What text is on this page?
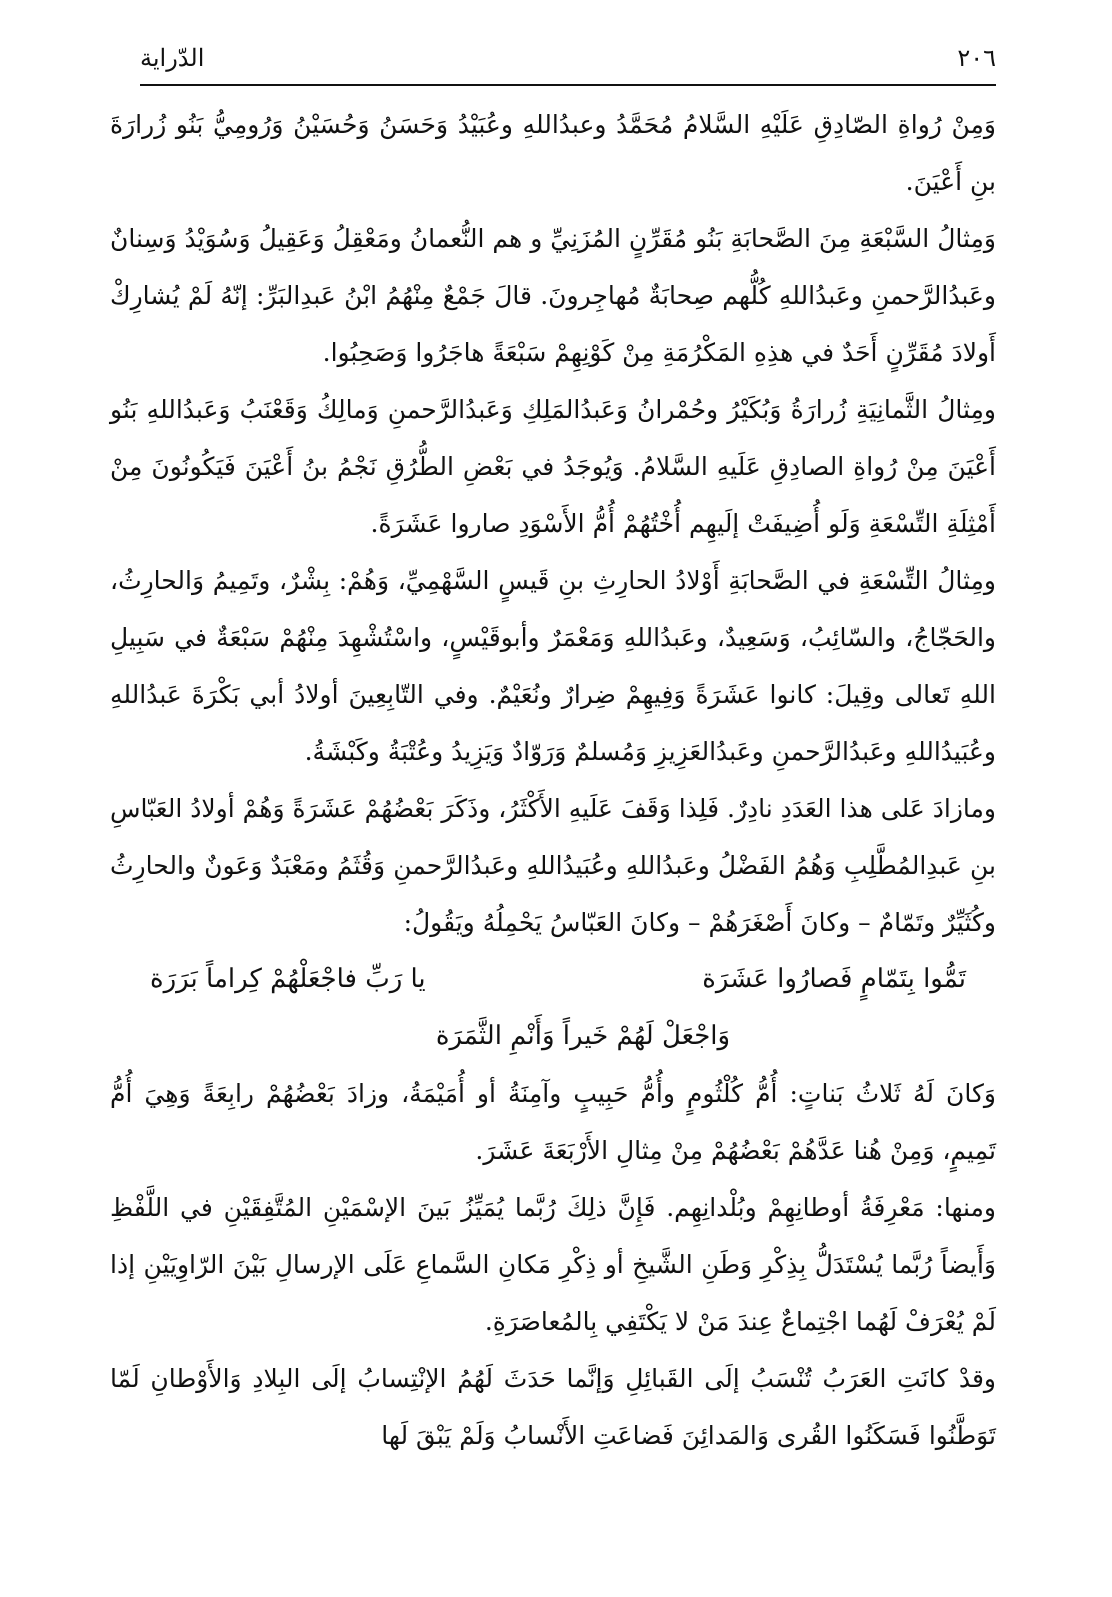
٢٠٦
الدّراية

وَمِنْ رُواةِ الصّادِقِ عَلَيْهِ السَّلامُ مُحَمَّدُ وعبدُاللهِ وعُبَيْدُ وَحَسَنُ وَحُسَيْنُ وَرُومِيُّ بَنُو زُرارَةَ بنِ أَعْيَنَ.

وَمِثالُ السَّبْعَةِ مِنَ الصَّحابَةِ بَنُو مُقَرِّنٍ المُزَنِيِّ و هم النُّعمانُ ومَعْقِلُ وَعَقِيلُ وَسُوَيْدُ وَسِنانٌ وعَبدُالرَّحمنِ وعَبدُاللهِ كُلُّهم صِحابَةٌ مُهاجِرونَ. قالَ جَمْعٌ مِنْهُمُ ابْنُ عَبدِالبَرِّ: إنّهُ لَمْ يُشارِكْ أَولادَ مُقَرِّنٍ أَحَدٌ في هذِهِ المَكْرُمَةِ مِنْ كَوْنِهِمْ سَبْعَةً هاجَرُوا وَصَحِبُوا.

ومِثالُ الثَّمانِيَةِ زُرارَةُ وَبُكَيْرُ وحُمْرانُ وَعَبدُالمَلِكِ وَعَبدُالرَّحمنِ وَمالِكُ وَقَعْنَبُ وَعَبدُاللهِ بَنُو أَعْيَنَ مِنْ رُواةِ الصادِقِ عَلَيهِ السَّلامُ. وَيُوجَدُ في بَعْضِ الطُّرُقِ نَجْمُ بنُ أَعْيَنَ فَيَكُونُونَ مِنْ أَمْثِلَةِ التِّسْعَةِ وَلَو أُضِيفَتْ إلَيهِم أُخْتُهُمْ أُمُّ الأَسْوَدِ صاروا عَشَرَةً.

ومِثالُ التِّسْعَةِ في الصَّحابَةِ أَوْلادُ الحارِثِ بنِ قَيسٍ السَّهْمِيِّ، وَهُمْ: بِشْرٌ، وتَمِيمُ وَالحارِثُ، والحَجّاجُ، والسّائِبُ، وَسَعِيدٌ، وعَبدُاللهِ وَمَعْمَرٌ وأبوقَيْسٍ، واسْتُشْهِدَ مِنْهُمْ سَبْعَةٌ في سَبِيلِ اللهِ تَعالى وقِيلَ: كانوا عَشَرَةً وَفِيهِمْ ضِرارٌ ونُعَيْمٌ. وفي التّابِعِينَ أولادُ أبي بَكْرَةَ عَبدُاللهِ وعُبَيدُاللهِ وعَبدُالرَّحمنِ وعَبدُالعَزِيزِ وَمُسلمٌ وَرَوّادٌ وَيَزِيدُ وعُتْبَةُ وكَبْشَةُ.

ومازادَ عَلى هذا العَدَدِ نادِرٌ. فَلِذا وَقَفَ عَلَيهِ الأَكْثَرُ، وذَكَرَ بَعْضُهُمْ عَشَرَةً وَهُمْ أولادُ العَبّاسِ بنِ عَبدِالمُطَّلِبِ وَهُمُ الفَضْلُ وعَبدُاللهِ وعُبَيدُاللهِ وعَبدُالرَّحمنِ وَقُثَمُ ومَعْبَدٌ وَعَونٌ والحارِثُ وكُثَيِّرٌ وتَمّامٌ – وكانَ أَصْغَرَهُمْ – وكانَ العَبّاسُ يَحْمِلُهُ ويَقُولُ:

تَمُّوا بِتَمّامٍ فَصارُوا عَشَرَة
يا رَبِّ فاجْعَلْهُمْ كِراماً بَرَرَة
وَاجْعَلْ لَهُمْ خَيراً وَأَنْمِ الثَّمَرَة

وَكانَ لَهُ ثَلاثُ بَناتٍ: أُمُّ كُلْثُومٍ وأُمُّ حَبِيبٍ وآمِنَةُ أو أُمَيْمَةُ، وزادَ بَعْضُهُمْ رابِعَةً وَهِيَ أُمُّ تَمِيمٍ، وَمِنْ هُنا عَدَّهُمْ بَعْضُهُمْ مِنْ مِثالِ الأَرْبَعَةَ عَشَرَ.

ومنها: مَعْرِفَةُ أوطانِهِمْ وبُلْدانِهِم. فَإِنَّ ذلِكَ رُبَّما يُمَيِّزُ بَينَ الإسْمَيْنِ المُتَّفِقَيْنِ في اللَّفْظِ وَأَيضاً رُبَّما يُسْتَدَلُّ بِذِكْرِ وَطَنِ الشَّيخِ أو ذِكْرِ مَكانِ السَّماعِ عَلَى الإرسالِ بَيْنَ الرّاوِيَيْنِ إذا لَمْ يُعْرَفْ لَهُما اجْتِماعٌ عِندَ مَنْ لا يَكْتَفِي بِالمُعاصَرَةِ.

وقدْ كانَتِ العَرَبُ تُنْسَبُ إلَى القَبائِلِ وَإنَّما حَدَثَ لَهُمُ الإنْتِسابُ إلَى البِلادِ وَالأَوْطانِ لَمّا تَوَطَّنُوا فَسَكَنُوا القُرى وَالمَدائِنَ فَضاعَتِ الأَنْسابُ وَلَمْ يَبْقَ لَها
